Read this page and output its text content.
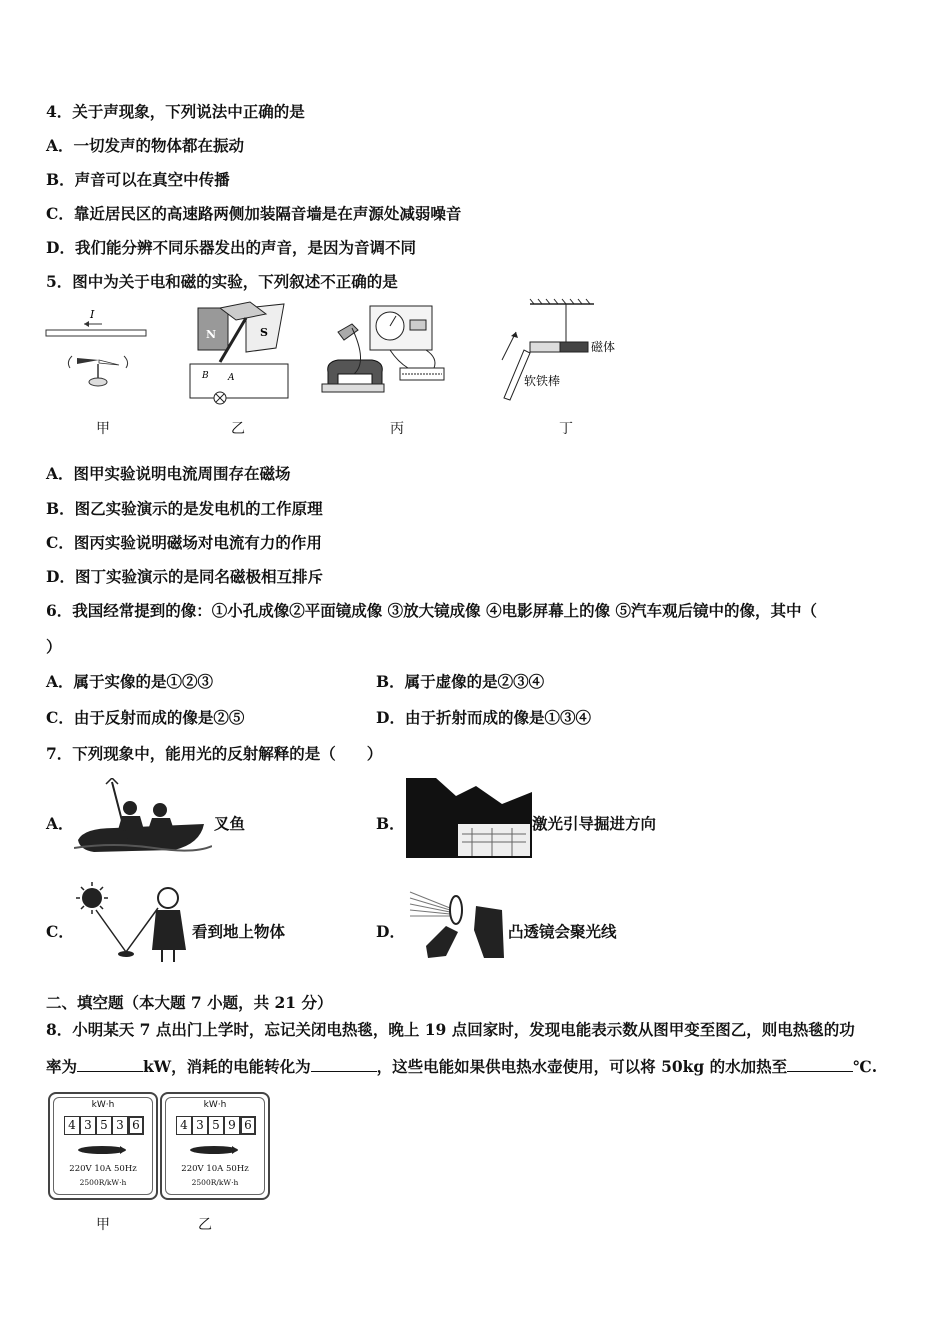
4．关于声现象，下列说法中正确的是
A．一切发声的物体都在振动
B．声音可以在真空中传播
C．靠近居民区的高速路两侧加装隔音墙是在声源处减弱噪音
D．我们能分辨不同乐器发出的声音，是因为音调不同
5．图中为关于电和磁的实验，下列叙述不正确的是
I
N	S
B A
磁体
软铁棒
甲	乙	丙	丁
A．图甲实验说明电流周围存在磁场
B．图乙实验演示的是发电机的工作原理
C．图丙实验说明磁场对电流有力的作用
D．图丁实验演示的是同名磁极相互排斥
6．我国经常提到的像：①小孔成像②平面镜成像 ③放大镜成像 ④电影屏幕上的像 ⑤汽车观后镜中的像，其中（
）
A．属于实像的是①②③	B．属于虚像的是②③④
C．由于反射而成的像是②⑤	D．由于折射而成的像是①③④
7．下列现象中，能用光的反射解释的是（　　）
A．	叉鱼	B．	激光引导掘进方向
C．	看到地上物体	D．	凸透镜会聚光线
二、填空题（本大题 7 小题，共 21 分）
8．小明某天 7 点出门上学时，忘记关闭电热毯，晚上 19 点回家时，发现电能表示数从图甲变至图乙，则电热毯的功
率为	kW，消耗的电能转化为	，这些电能如果供电热水壶使用，可以将 50kg 的水加热至	℃.
kW·h
4 3 5 3 6
220V 10A 50Hz
2500R/kW·h
kW·h
4 3 5 9 6
220V 10A 50Hz
2500R/kW·h
甲	乙
